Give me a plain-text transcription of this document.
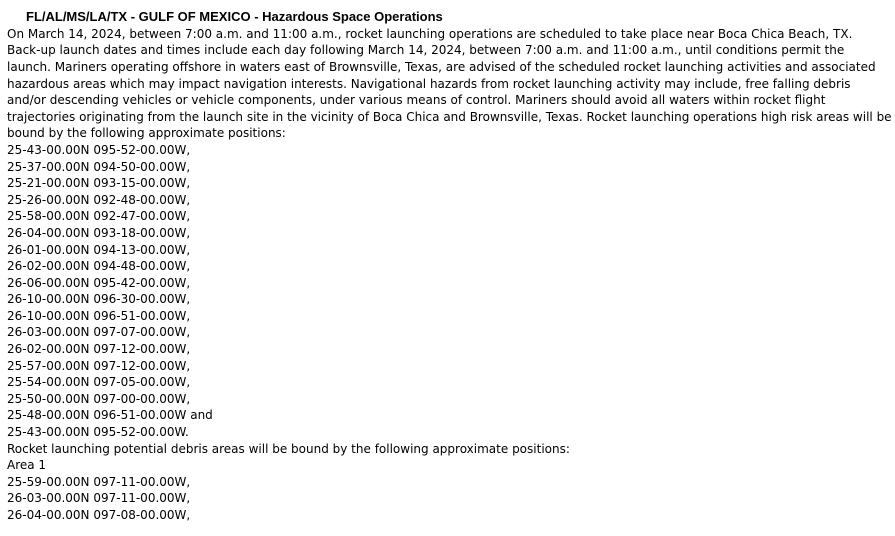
FL/AL/MS/LA/TX - GULF OF MEXICO - Hazardous Space Operations
On March 14, 2024, between 7:00 a.m. and 11:00 a.m., rocket launching operations are scheduled to take place near Boca Chica Beach, TX.
Back-up launch dates and times include each day following March 14, 2024, between 7:00 a.m. and 11:00 a.m., until conditions permit the
launch. Mariners operating offshore in waters east of Brownsville, Texas, are advised of the scheduled rocket launching activities and associated
hazardous areas which may impact navigation interests. Navigational hazards from rocket launching activity may include, free falling debris
and/or descending vehicles or vehicle components, under various means of control. Mariners should avoid all waters within rocket flight
trajectories originating from the launch site in the vicinity of Boca Chica and Brownsville, Texas. Rocket launching operations high risk areas will be
bound by the following approximate positions:
25-43-00.00N 095-52-00.00W,
25-37-00.00N 094-50-00.00W,
25-21-00.00N 093-15-00.00W,
25-26-00.00N 092-48-00.00W,
25-58-00.00N 092-47-00.00W,
26-04-00.00N 093-18-00.00W,
26-01-00.00N 094-13-00.00W,
26-02-00.00N 094-48-00.00W,
26-06-00.00N 095-42-00.00W,
26-10-00.00N 096-30-00.00W,
26-10-00.00N 096-51-00.00W,
26-03-00.00N 097-07-00.00W,
26-02-00.00N 097-12-00.00W,
25-57-00.00N 097-12-00.00W,
25-54-00.00N 097-05-00.00W,
25-50-00.00N 097-00-00.00W,
25-48-00.00N 096-51-00.00W and
25-43-00.00N 095-52-00.00W.
Rocket launching potential debris areas will be bound by the following approximate positions:
Area 1
25-59-00.00N 097-11-00.00W,
26-03-00.00N 097-11-00.00W,
26-04-00.00N 097-08-00.00W,
